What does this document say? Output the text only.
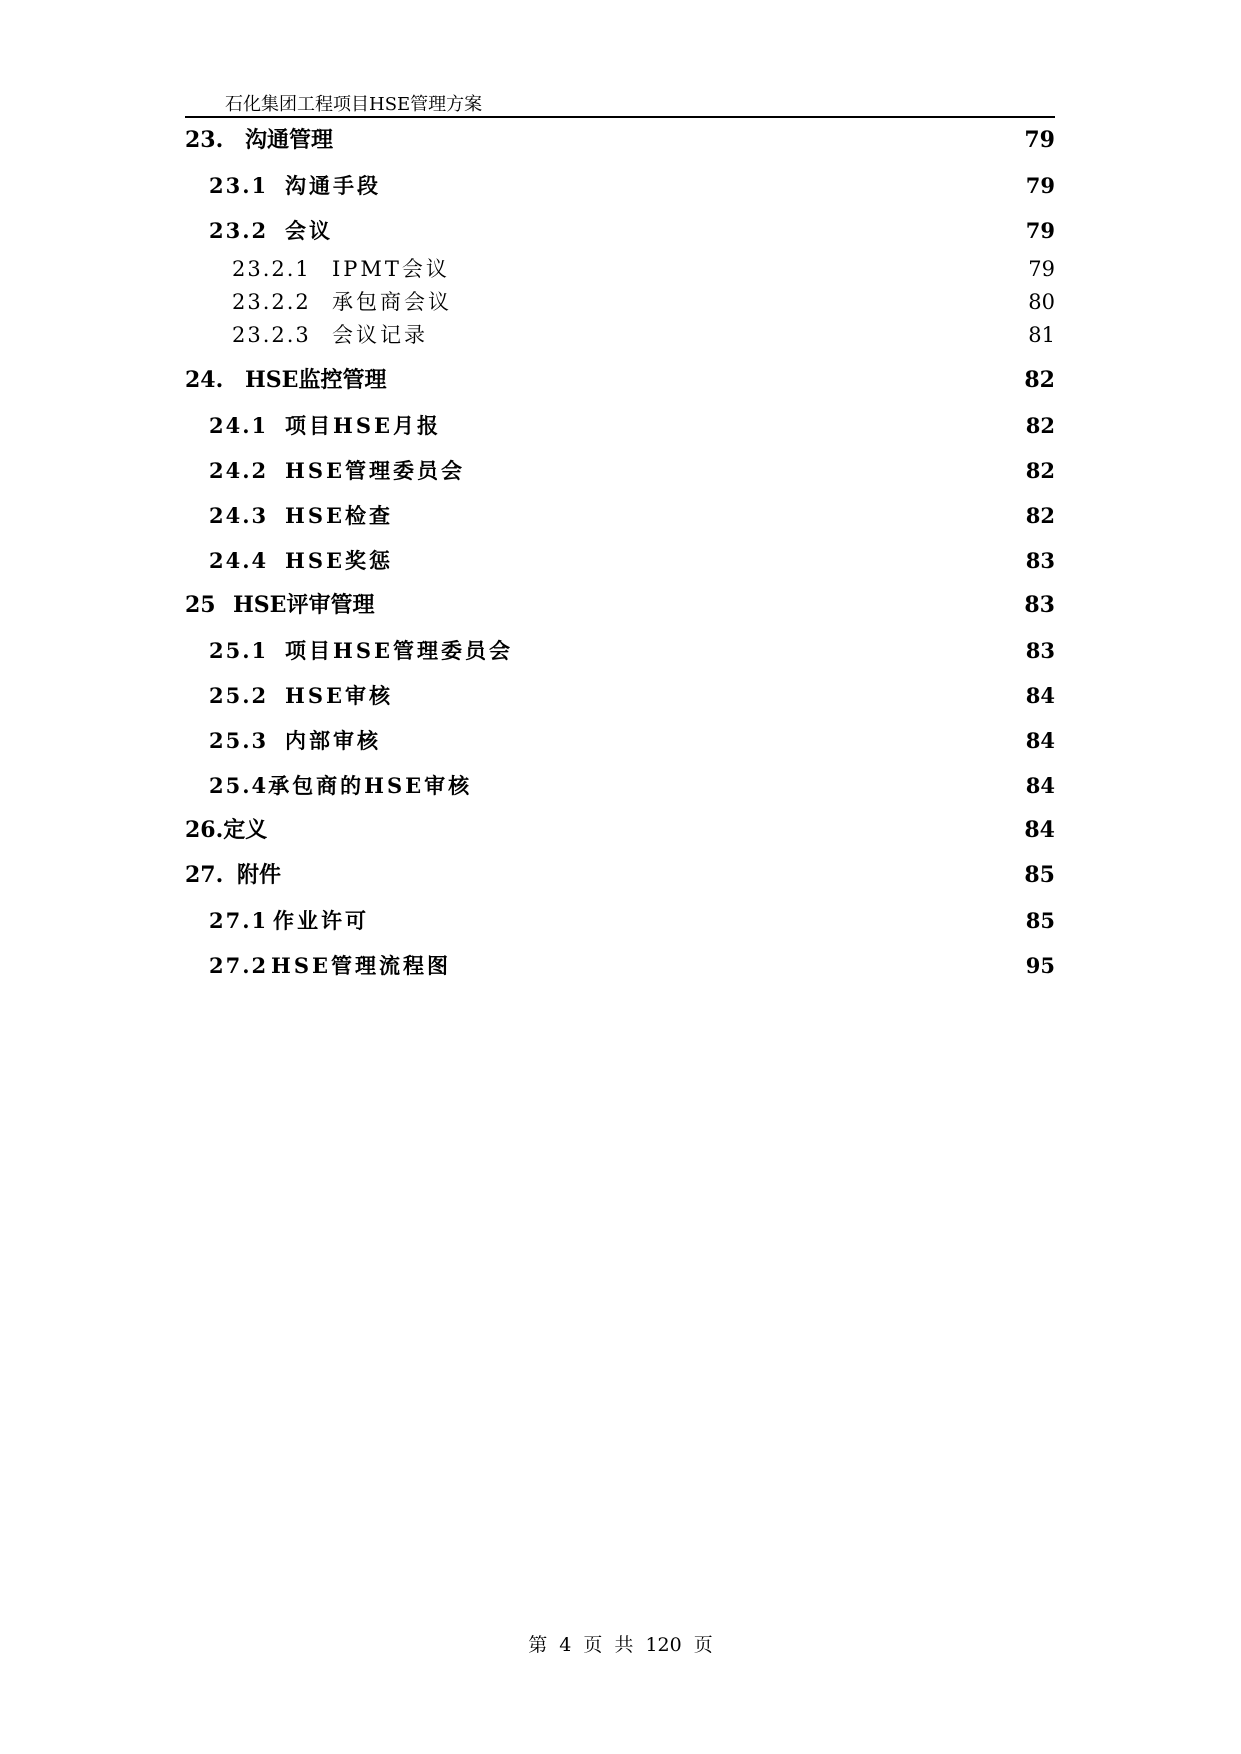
石化集团工程项目HSE管理方案
23. 沟通管理	79
23.1 沟通手段	79
23.2 会议	79
23.2.1	IPMT会议	79
23.2.2	承包商会议	80
23.2.3	会议记录	81
24. HSE监控管理	82
24.1 项目HSE月报	82
24.2 HSE管理委员会	82
24.3 HSE检查	82
24.4 HSE奖惩	83
25 HSE评审管理	83
25.1 项目HSE管理委员会	83
25.2 HSE审核	84
25.3 内部审核	84
25.4 承包商的HSE审核	84
26. 定义	84
27. 附件	85
27.1 作业许可	85
27.2 HSE管理流程图	95
第 4 页 共 120 页
